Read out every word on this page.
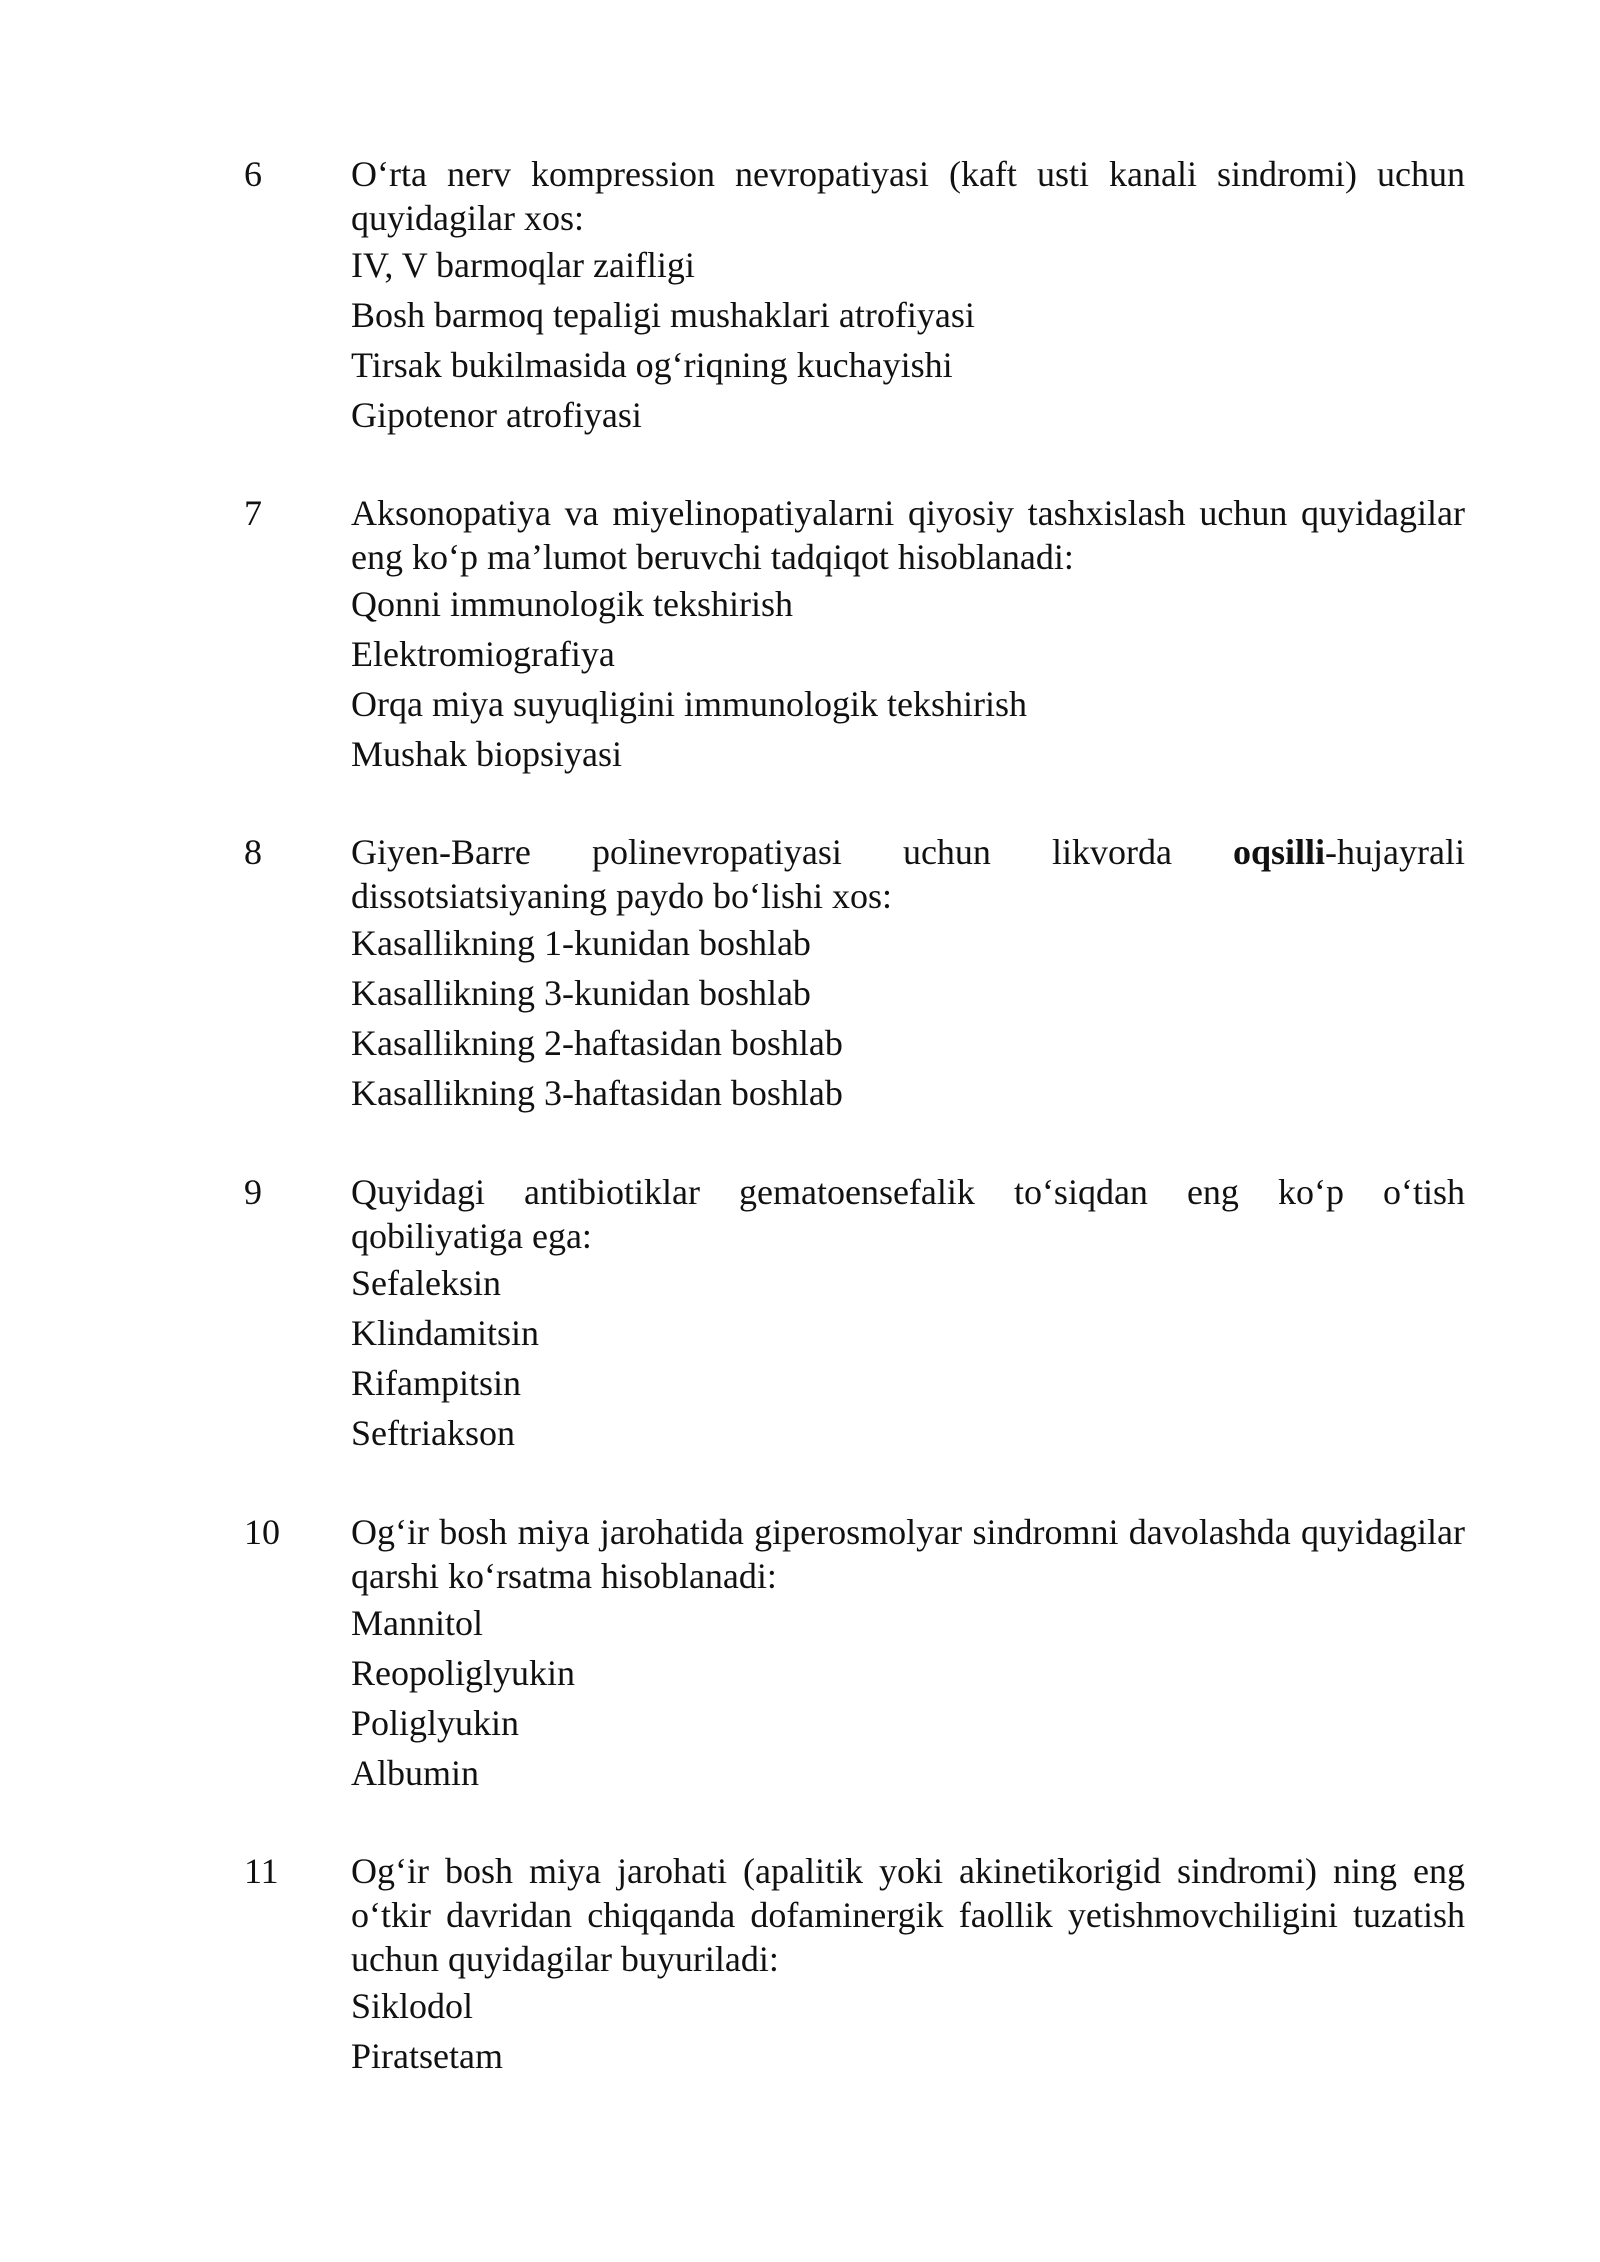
6 O‘rta nerv kompression nevropatiyasi (kaft usti kanali sindromi) uchun quyidagilar xos:

IV, V barmoqlar zaifligi
Bosh barmoq tepaligi mushaklari atrofiyasi
Tirsak bukilmasida og‘riqning kuchayishi
Gipotenor atrofiyasi
7 Aksonopatiya va miyelinopatiyalarni qiyosiy tashxislash uchun quyidagilar eng ko‘p ma’lumot beruvchi tadqiqot hisoblanadi:

Qonni immunologik tekshirish
Elektromiografiya
Orqa miya suyuqligini immunologik tekshirish
Mushak biopsiyasi
8 Giyen-Barre polinevropatiyasi uchun likvorda oqsilli-hujayrali dissotsiatsiyaning paydo bo‘lishi xos:

Kasallikning 1-kunidan boshlab
Kasallikning 3-kunidan boshlab
Kasallikning 2-haftasidan boshlab
Kasallikning 3-haftasidan boshlab
9 Quyidagi antibiotiklar gematoensefalik to‘siqdan eng ko‘p o‘tish qobiliyatiga ega:

Sefaleksin
Klindamitsin
Rifampitsin
Seftriakson
10 Og‘ir bosh miya jarohatida giperosmolyar sindromni davolashda quyidagilar qarshi ko‘rsatma hisoblanadi:

Mannitol
Reopoliglyukin
Poliglyukin
Albumin
11 Og‘ir bosh miya jarohati (apalitik yoki akinetikorigid sindromi) ning eng o‘tkir davridan chiqqanda dofaminergik faollik yetishmovchiligini tuzatish uchun quyidagilar buyuriladi:

Siklodol
Piratsetam
